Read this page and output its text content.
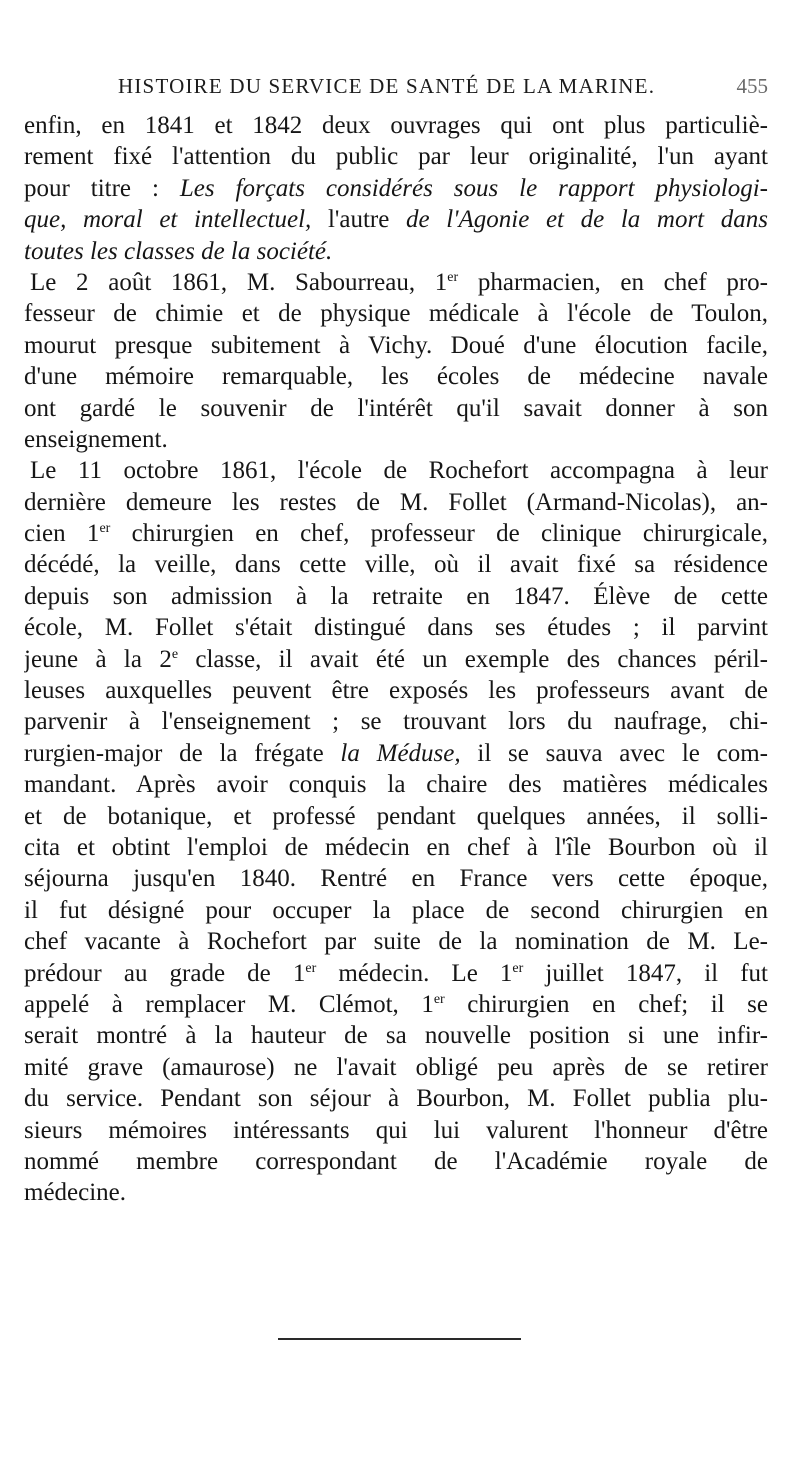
HISTOIRE DU SERVICE DE SANTÉ DE LA MARINE.	455
enfin, en 1841 et 1842 deux ouvrages qui ont plus particuliè-
rement fixé l'attention du public par leur originalité, l'un ayant
pour titre : Les forçats considérés sous le rapport physiologi-
que, moral et intellectuel, l'autre de l'Agonie et de la mort dans
toutes les classes de la société.
Le 2 août 1861, M. Sabourreau, 1er pharmacien, en chef pro-
fesseur de chimie et de physique médicale à l'école de Toulon,
mourut presque subitement à Vichy. Doué d'une élocution facile,
d'une mémoire remarquable, les écoles de médecine navale
ont gardé le souvenir de l'intérêt qu'il savait donner à son
enseignement.
Le 11 octobre 1861, l'école de Rochefort accompagna à leur
dernière demeure les restes de M. Follet (Armand-Nicolas), an-
cien 1er chirurgien en chef, professeur de clinique chirurgicale,
décédé, la veille, dans cette ville, où il avait fixé sa résidence
depuis son admission à la retraite en 1847. Élève de cette
école, M. Follet s'était distingué dans ses études ; il parvint
jeune à la 2e classe, il avait été un exemple des chances péril-
leuses auxquelles peuvent être exposés les professeurs avant de
parvenir à l'enseignement ; se trouvant lors du naufrage, chi-
rurgien-major de la frégate la Méduse, il se sauva avec le com-
mandant. Après avoir conquis la chaire des matières médicales
et de botanique, et professé pendant quelques années, il solli-
cita et obtint l'emploi de médecin en chef à l'île Bourbon où il
séjourna jusqu'en 1840. Rentré en France vers cette époque,
il fut désigné pour occuper la place de second chirurgien en
chef vacante à Rochefort par suite de la nomination de M. Le-
prédour au grade de 1er médecin. Le 1er juillet 1847, il fut
appelé à remplacer M. Clémot, 1er chirurgien en chef; il se
serait montré à la hauteur de sa nouvelle position si une infir-
mité grave (amaurose) ne l'avait obligé peu après de se retirer
du service. Pendant son séjour à Bourbon, M. Follet publia plu-
sieurs mémoires intéressants qui lui valurent l'honneur d'être
nommé membre correspondant de l'Académie royale de
médecine.
